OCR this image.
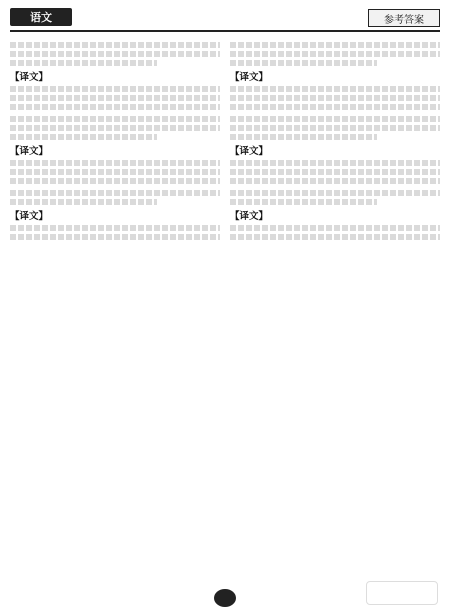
语文	参考答案
【译文】
【译文】
【译文】
【译文】
【译文】
【译文】
